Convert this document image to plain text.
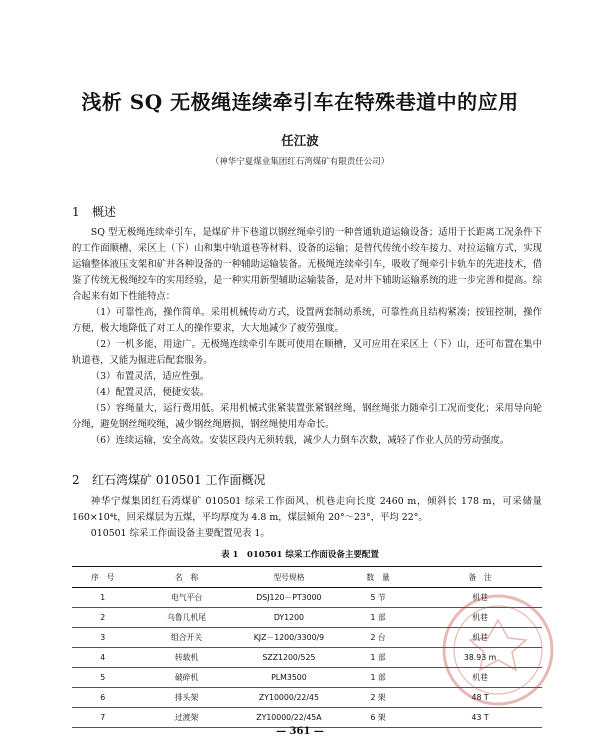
浅析 SQ 无极绳连续牵引车在特殊巷道中的应用
任江波
（神华宁夏煤业集团红石湾煤矿有限责任公司）
1 概述

SQ 型无极绳连续牵引车，是煤矿井下巷道以钢丝绳牵引的一种普通轨道运输设备；适用于长距离工况条件下的工作面顺槽、采区上（下）山和集中轨道巷等材料、设备的运输；是替代传统小绞车接力、对拉运输方式，实现运输整体液压支架和矿井各种设备的一种辅助运输装备。无极绳连续牵引车，吸收了绳牵引卡轨车的先进技术，借鉴了传统无极绳绞车的实用经验，是一种实用新型辅助运输装备，是对井下辅助运输系统的进一步完善和提高。综合起来有如下性能特点：

（1）可靠性高，操作简单。采用机械传动方式，设置两套制动系统，可靠性高且结构紧凑；按钮控制，操作方便，极大地降低了对工人的操作要求，大大地减少了疲劳强度。

（2）一机多能，用途广。无极绳连续牵引车既可使用在顺槽，又可应用在采区上（下）山，还可布置在集中轨道巷，又能为掘进后配套服务。

（3）布置灵活，适应性强。

（4）配置灵活，便捷安装。

（5）容绳量大，运行费用低。采用机械式张紧装置张紧钢丝绳，钢丝绳张力随牵引工况而变化；采用导向轮分绳，避免钢丝绳咬绳，减少钢丝绳磨损，钢丝绳使用寿命长。

（6）连续运输，安全高效。安装区段内无须转载，减少人力倒车次数，减轻了作业人员的劳动强度。

2 红石湾煤矿 010501 工作面概况

神华宁煤集团红石湾煤矿 010501 综采工作面风、机巷走向长度 2460 m，倾斜长 178 m，可采储量 160×10⁴t，回采煤层为五煤，平均厚度为 4.8 m，煤层倾角 20°～23°，平均 22°。

010501 综采工作面设备主要配置见表 1。

表 1　010501 综采工作面设备主要配置
序　号	名　称	型号规格	数　量	备　注
1	电气平台	DSJ120－PT3000	5 节	机巷
2	乌鲁几机尾	DY1200	1 部	机巷
3	组合开关	KJZ－1200/3300/9	2 台	机巷
4	转载机	SZZ1200/525	1 部	38.93 m
5	破碎机	PLM3500	1 部	机巷
6	排头架	ZY10000/22/45	2 架	48 T
7	过渡架	ZY10000/22/45A	6 架	43 T
— 361 —
